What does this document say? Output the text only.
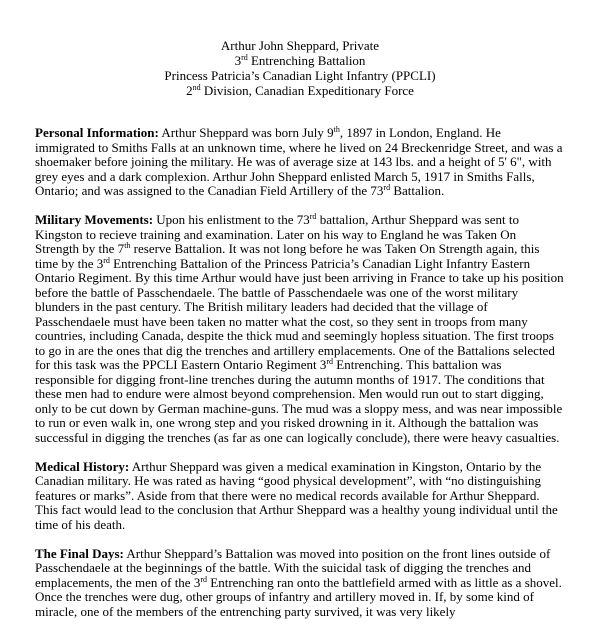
Arthur John Sheppard, Private
3rd Entrenching Battalion
Princess Patricia’s Canadian Light Infantry (PPCLI)
2nd Division, Canadian Expeditionary Force
Personal Information: Arthur Sheppard was born July 9th, 1897 in London, England. He
immigrated to Smiths Falls at an unknown time, where he lived on 24 Breckenridge Street, and was a
shoemaker before joining the military. He was of average size at 143 lbs. and a height of 5' 6", with
grey eyes and a dark complexion. Arthur John Sheppard enlisted March 5, 1917 in Smiths Falls,
Ontario; and was assigned to the Canadian Field Artillery of the 73rd Battalion.
Military Movements: Upon his enlistment to the 73rd battalion, Arthur Sheppard was sent to
Kingston to recieve training and examination. Later on his way to England he was Taken On
Strength by the 7th reserve Battalion. It was not long before he was Taken On Strength again, this
time by the 3rd Entrenching Battalion of the Princess Patricia’s Canadian Light Infantry Eastern
Ontario Regiment. By this time Arthur would have just been arriving in France to take up his position
before the battle of Passchendaele. The battle of Passchendaele was one of the worst military
blunders in the past century. The British military leaders had decided that the village of
Passchendaele must have been taken no matter what the cost, so they sent in troops from many
countries, including Canada, despite the thick mud and seemingly hopless situation. The first troops
to go in are the ones that dig the trenches and artillery emplacements. One of the Battalions selected
for this task was the PPCLI Eastern Ontario Regiment 3rd Entrenching. This battalion was
responsible for digging front-line trenches during the autumn months of 1917. The conditions that
these men had to endure were almost beyond comprehension. Men would run out to start digging,
only to be cut down by German machine-guns. The mud was a sloppy mess, and was near impossible
to run or even walk in, one wrong step and you risked drowning in it. Although the battalion was
successful in digging the trenches (as far as one can logically conclude), there were heavy casualties.
Medical History: Arthur Sheppard was given a medical examination in Kingston, Ontario by the
Canadian military. He was rated as having “good physical development”, with “no distinguishing
features or marks”. Aside from that there were no medical records available for Arthur Sheppard.
This fact would lead to the conclusion that Arthur Sheppard was a healthy young individual until the
time of his death.
The Final Days: Arthur Sheppard’s Battalion was moved into position on the front lines outside of
Passchendaele at the beginnings of the battle. With the suicidal task of digging the trenches and
emplacements, the men of the 3rd Entrenching ran onto the battlefield armed with as little as a shovel.
Once the trenches were dug, other groups of infantry and artillery moved in. If, by some kind of
miracle, one of the members of the entrenching party survived, it was very likely
